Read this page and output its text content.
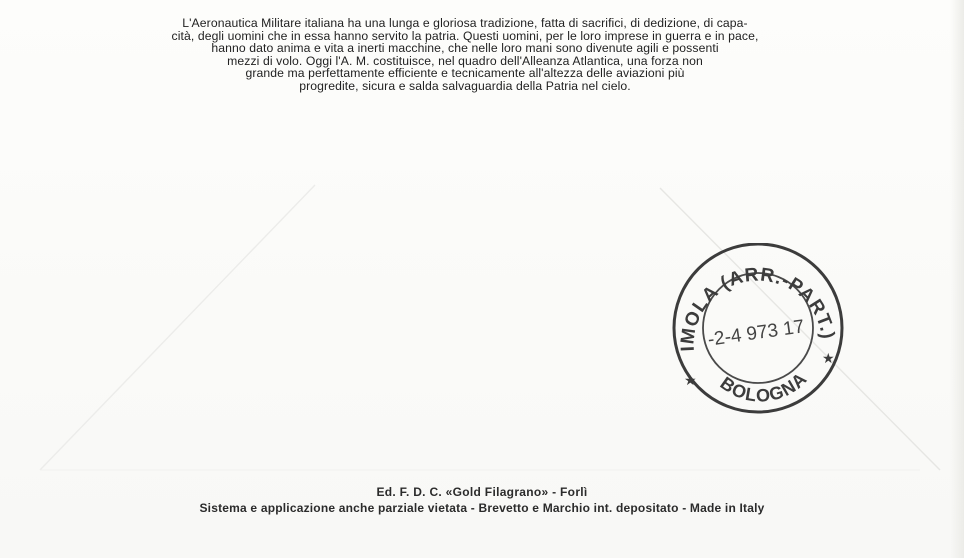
L'Aeronautica Militare italiana ha una lunga e gloriosa tradizione, fatta di sacrifici, di dedizione, di capa-
cità, degli uomini che in essa hanno servito la patria. Questi uomini, per le loro imprese in guerra e in pace,
hanno dato anima e vita a inerti macchine, che nelle loro mani sono divenute agili e possenti
mezzi di volo. Oggi l'A. M. costituisce, nel quadro dell'Alleanza Atlantica, una forza non
grande ma perfettamente efficiente e tecnicamente all'altezza delle aviazioni più
progredite, sicura e salda salvaguardia della Patria nel cielo.
IMOLA (ARR.-PART.)
BOLOGNA
★
★
-2-4 973 17
Ed. F. D. C. «Gold Filagrano» - Forlì
Sistema e applicazione anche parziale vietata - Brevetto e Marchio int. depositato - Made in Italy
